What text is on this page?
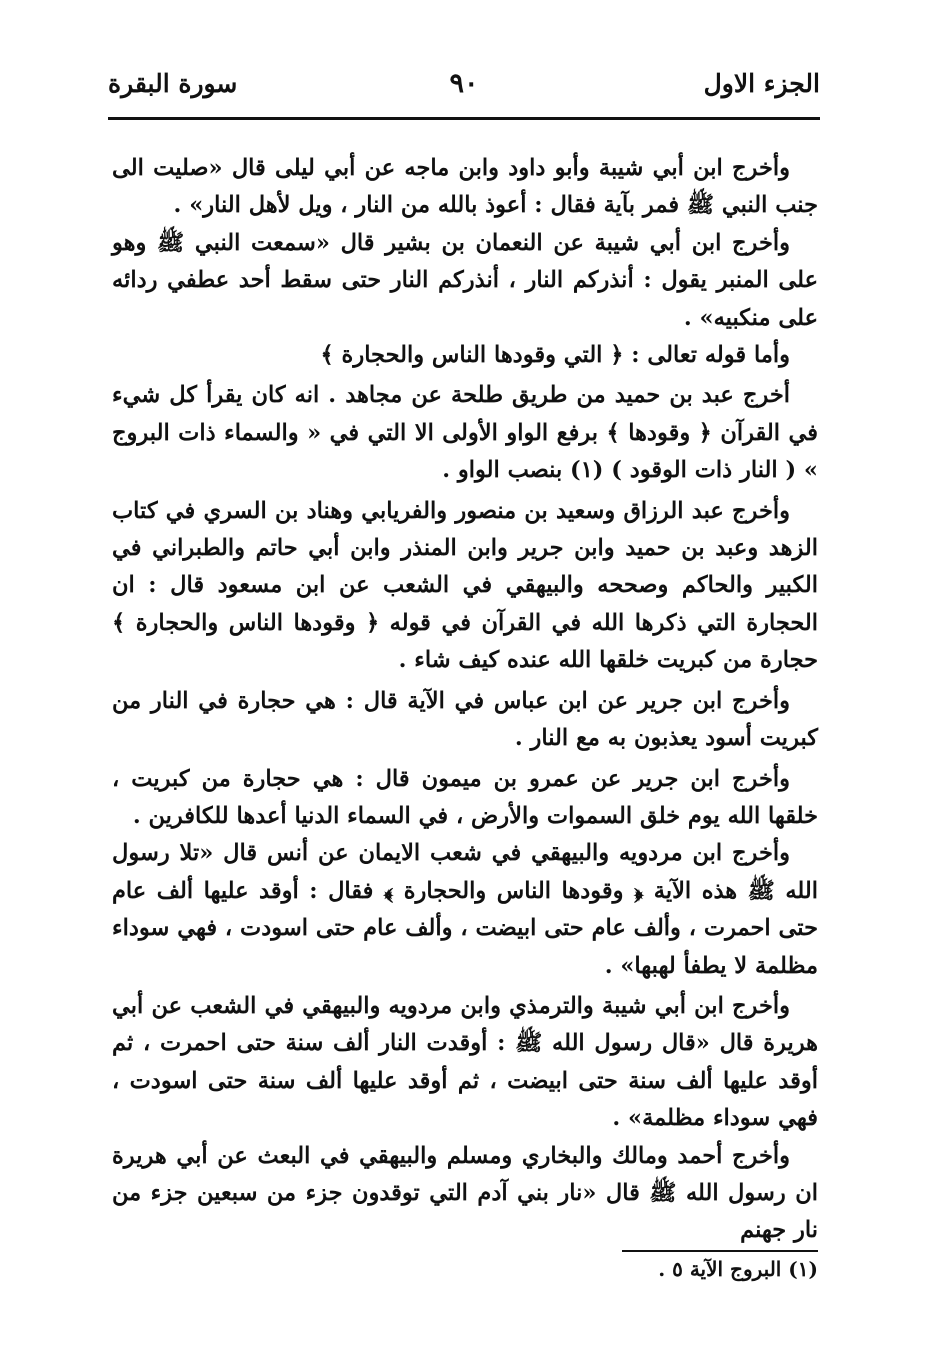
الجزء الاول
٩٠
سورة البقرة

وأخرج ابن أبي شيبة وأبو داود وابن ماجه عن أبي ليلى قال «صليت الى جنب النبي ﷺ فمر بآية فقال : أعوذ بالله من النار ، ويل لأهل النار» .

وأخرج ابن أبي شيبة عن النعمان بن بشير قال «سمعت النبي ﷺ وهو على المنبر يقول : أنذركم النار ، أنذركم النار حتى سقط أحد عطفي ردائه على منكبيه» .

وأما قوله تعالى : ﴿ التي وقودها الناس والحجارة ﴾

أخرج عبد بن حميد من طريق طلحة عن مجاهد . انه كان يقرأ كل شيء في القرآن ﴿ وقودها ﴾ برفع الواو الأولى الا التي في « والسماء ذات البروج » ( النار ذات الوقود ) (١) بنصب الواو .

وأخرج عبد الرزاق وسعيد بن منصور والفريابي وهناد بن السري في كتاب الزهد وعبد بن حميد وابن جرير وابن المنذر وابن أبي حاتم والطبراني في الكبير والحاكم وصححه والبيهقي في الشعب عن ابن مسعود قال : ان الحجارة التي ذكرها الله في القرآن في قوله ﴿ وقودها الناس والحجارة ﴾ حجارة من كبريت خلقها الله عنده كيف شاء .

وأخرج ابن جرير عن ابن عباس في الآية قال : هي حجارة في النار من كبريت أسود يعذبون به مع النار .

وأخرج ابن جرير عن عمرو بن ميمون قال : هي حجارة من كبريت ، خلقها الله يوم خلق السموات والأرض ، في السماء الدنيا أعدها للكافرين .

وأخرج ابن مردويه والبيهقي في شعب الايمان عن أنس قال «تلا رسول الله ﷺ هذه الآية ﴿ وقودها الناس والحجارة ﴾ فقال : أوقد عليها ألف عام حتى احمرت ، وألف عام حتى ابيضت ، وألف عام حتى اسودت ، فهي سوداء مظلمة لا يطفأ لهبها» .

وأخرج ابن أبي شيبة والترمذي وابن مردويه والبيهقي في الشعب عن أبي هريرة قال «قال رسول الله ﷺ : أوقدت النار ألف سنة حتى احمرت ، ثم أوقد عليها ألف سنة حتى ابيضت ، ثم أوقد عليها ألف سنة حتى اسودت ، فهي سوداء مظلمة» .

وأخرج أحمد ومالك والبخاري ومسلم والبيهقي في البعث عن أبي هريرة ان رسول الله ﷺ قال «نار بني آدم التي توقدون جزء من سبعين جزء من نار جهنم

(١) البروج الآية ٥ .
